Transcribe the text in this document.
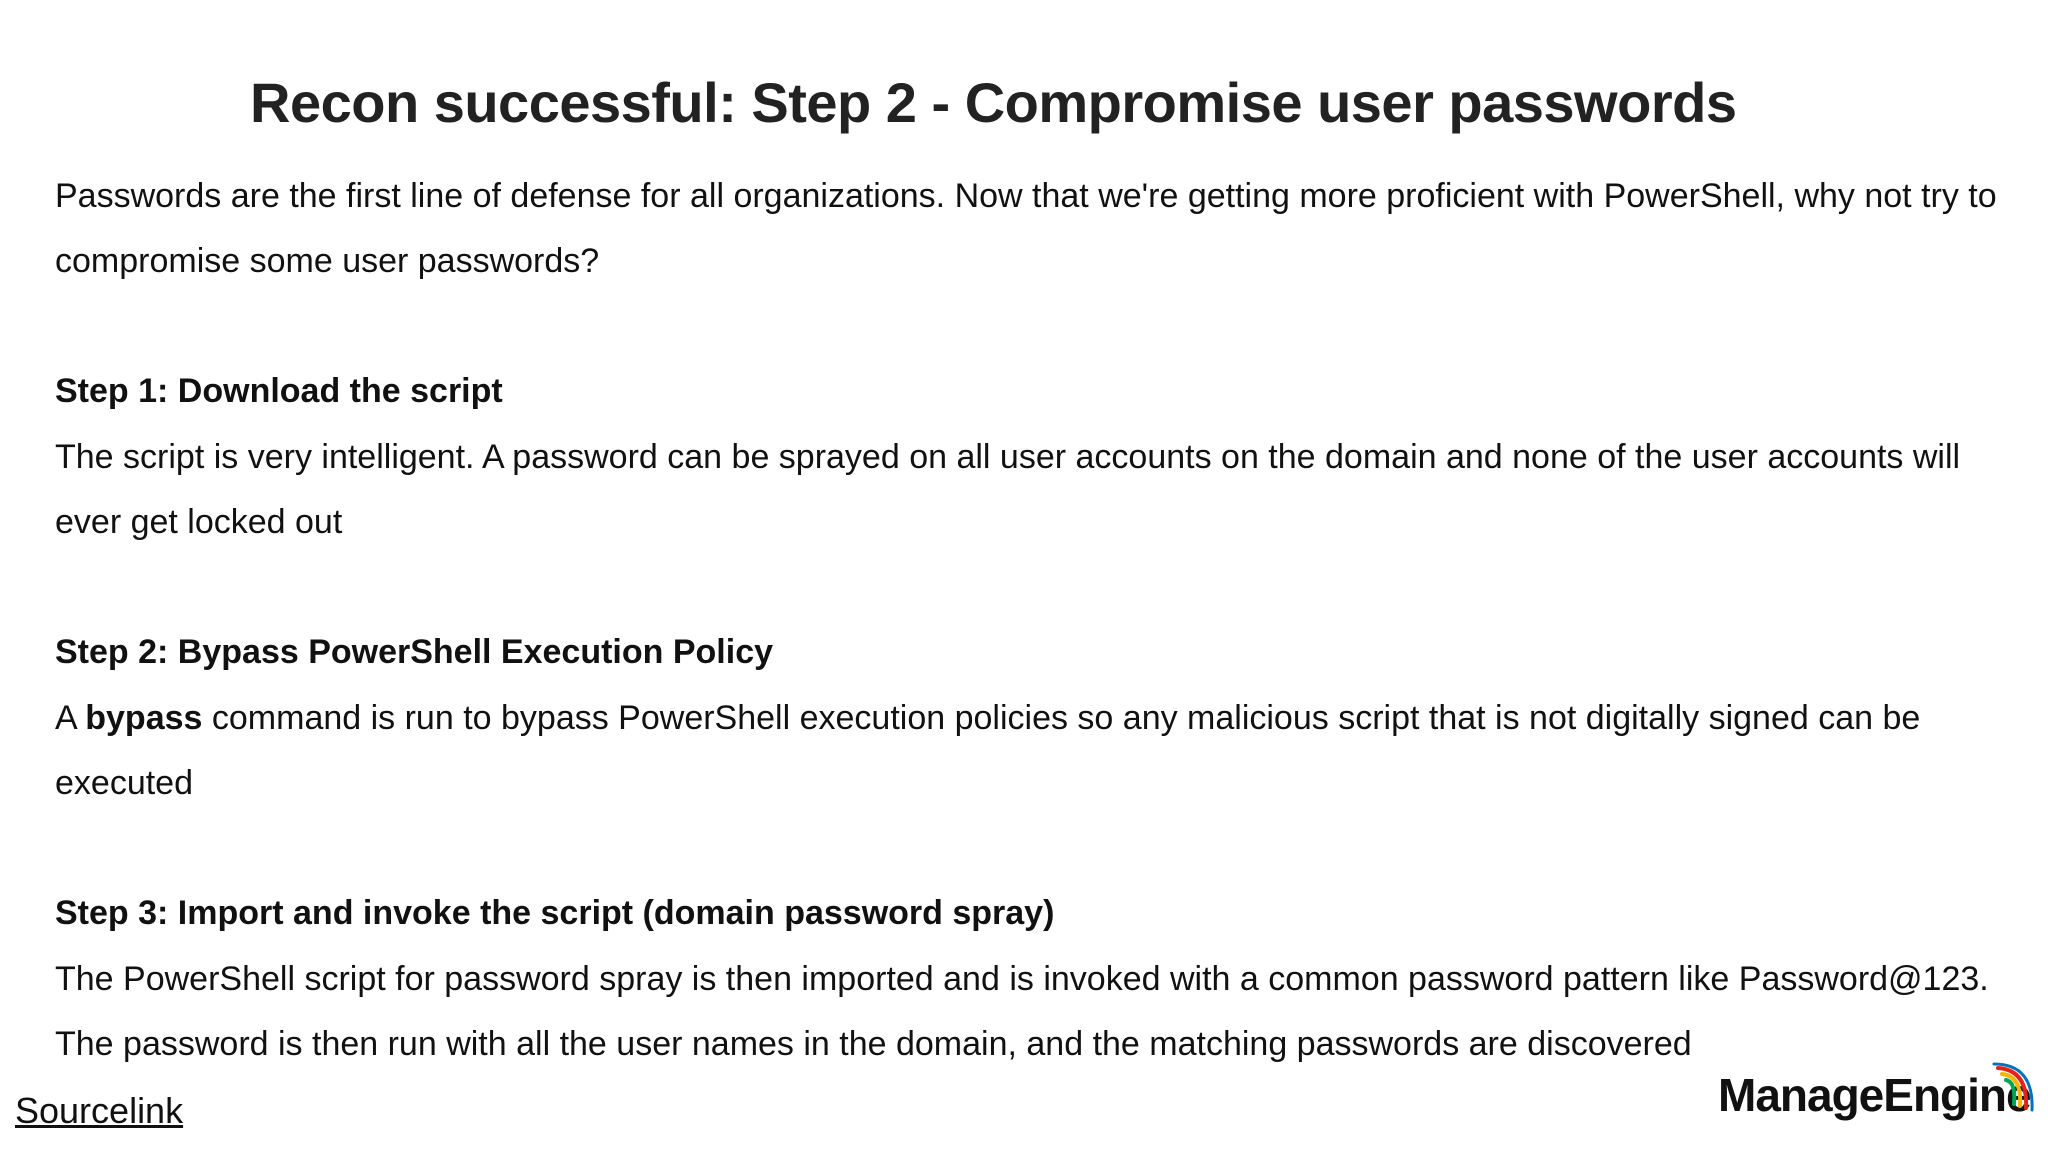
Recon successful: Step 2 - Compromise user passwords

Passwords are the first line of defense for all organizations. Now that we're getting more proficient with PowerShell, why not try to compromise some user passwords?

Step 1: Download the script

The script is very intelligent. A password can be sprayed on all user accounts on the domain and none of the user accounts will ever get locked out

Step 2: Bypass PowerShell Execution Policy

A bypass command is run to bypass PowerShell execution policies so any malicious script that is not digitally signed can be executed

Step 3: Import and invoke the script (domain password spray)

The PowerShell script for password spray is then imported and is invoked with a common password pattern like Password@123. The password is then run with all the user names in the domain, and the matching passwords are discovered

Sourcelink	ManageEngine
